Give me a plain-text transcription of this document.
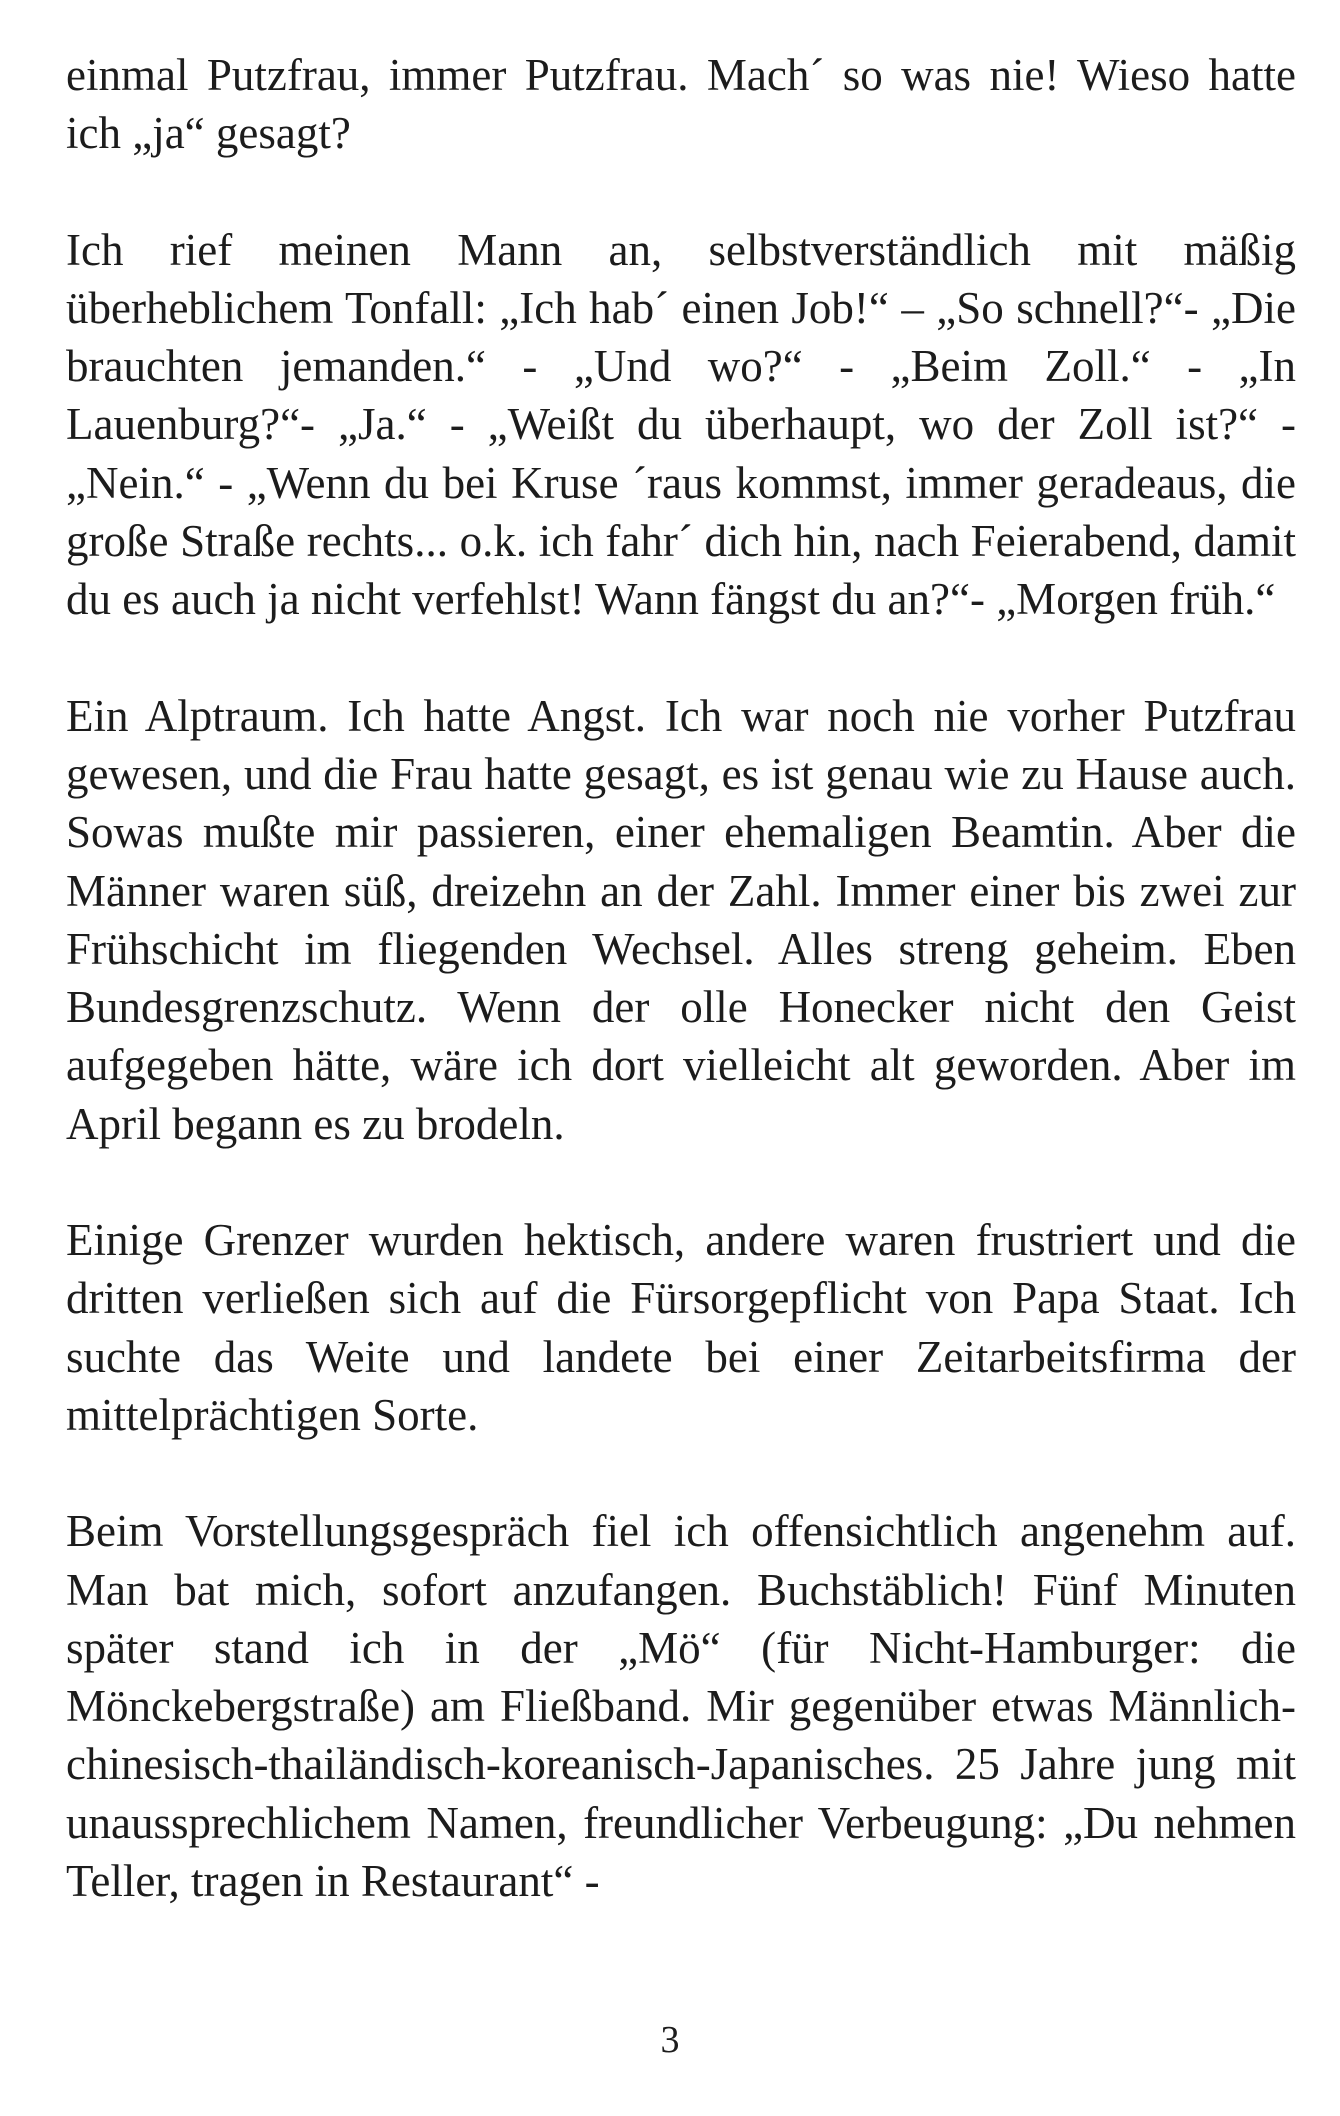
einmal Putzfrau, immer Putzfrau. Mach´ so was nie! Wieso hatte ich „ja“ gesagt?

Ich rief meinen Mann an, selbstverständlich mit mäßig überheblichem Tonfall: „Ich hab´ einen Job!“ – „So schnell?“- „Die brauchten jemanden.“ - „Und wo?“ - „Beim Zoll.“ - „In Lauenburg?“- „Ja.“ - „Weißt du überhaupt, wo der Zoll ist?“ - „Nein.“ - „Wenn du bei Kruse ´raus kommst, immer geradeaus, die große Straße rechts... o.k. ich fahr´ dich hin, nach Feierabend, damit du es auch ja nicht verfehlst! Wann fängst du an?“- „Morgen früh.“

Ein Alptraum. Ich hatte Angst. Ich war noch nie vorher Putzfrau gewesen, und die Frau hatte gesagt, es ist genau wie zu Hause auch. Sowas mußte mir passieren, einer ehemaligen Beamtin. Aber die Männer waren süß, dreizehn an der Zahl. Immer einer bis zwei zur Frühschicht im fliegenden Wechsel. Alles streng geheim. Eben Bundesgrenzschutz. Wenn der olle Honecker nicht den Geist aufgegeben hätte, wäre ich dort vielleicht alt geworden. Aber im April begann es zu brodeln.

Einige Grenzer wurden hektisch, andere waren frustriert und die dritten verließen sich auf die Fürsorgepflicht von Papa Staat. Ich suchte das Weite und landete bei einer Zeitarbeitsfirma der mittelprächtigen Sorte.

Beim Vorstellungsgespräch fiel ich offensichtlich angenehm auf. Man bat mich, sofort anzufangen. Buchstäblich! Fünf Minuten später stand ich in der „Mö“ (für Nicht-Hamburger: die Mönckebergstraße) am Fließband. Mir gegenüber etwas Männlich-chinesisch-thailändisch-koreanisch-Japanisches. 25 Jahre jung mit unaussprechlichem Namen, freundlicher Verbeugung: „Du nehmen Teller, tragen in Restaurant“ -

3
